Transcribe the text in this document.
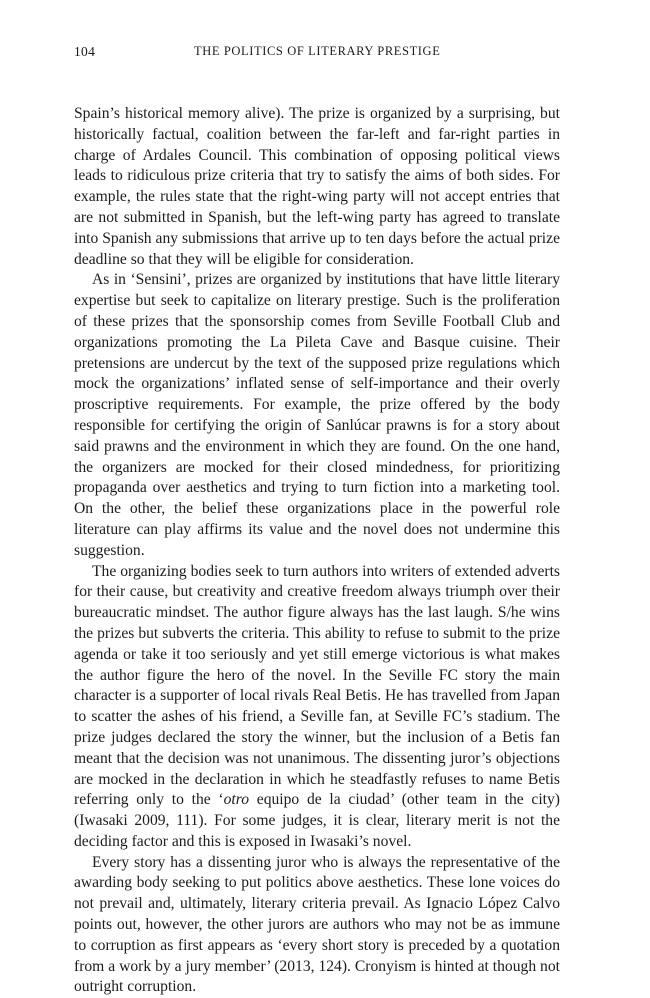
104	THE POLITICS OF LITERARY PRESTIGE

Spain’s historical memory alive). The prize is organized by a surprising, but historically factual, coalition between the far-left and far-right parties in charge of Ardales Council. This combination of opposing political views leads to ridiculous prize criteria that try to satisfy the aims of both sides. For example, the rules state that the right-wing party will not accept entries that are not submitted in Spanish, but the left-wing party has agreed to translate into Spanish any submissions that arrive up to ten days before the actual prize deadline so that they will be eligible for consideration.

As in ‘Sensini’, prizes are organized by institutions that have little literary expertise but seek to capitalize on literary prestige. Such is the proliferation of these prizes that the sponsorship comes from Seville Football Club and organizations promoting the La Pileta Cave and Basque cuisine. Their pretensions are undercut by the text of the supposed prize regulations which mock the organizations’ inflated sense of self-importance and their overly proscriptive requirements. For example, the prize offered by the body responsible for certifying the origin of Sanlúcar prawns is for a story about said prawns and the environment in which they are found. On the one hand, the organizers are mocked for their closed mindedness, for prioritizing propaganda over aesthetics and trying to turn fiction into a marketing tool. On the other, the belief these organizations place in the powerful role literature can play affirms its value and the novel does not undermine this suggestion.

The organizing bodies seek to turn authors into writers of extended adverts for their cause, but creativity and creative freedom always triumph over their bureaucratic mindset. The author figure always has the last laugh. S/he wins the prizes but subverts the criteria. This ability to refuse to submit to the prize agenda or take it too seriously and yet still emerge victorious is what makes the author figure the hero of the novel. In the Seville FC story the main character is a supporter of local rivals Real Betis. He has travelled from Japan to scatter the ashes of his friend, a Seville fan, at Seville FC’s stadium. The prize judges declared the story the winner, but the inclusion of a Betis fan meant that the decision was not unanimous. The dissenting juror’s objections are mocked in the declaration in which he steadfastly refuses to name Betis referring only to the ‘otro equipo de la ciudad’ (other team in the city) (Iwasaki 2009, 111). For some judges, it is clear, literary merit is not the deciding factor and this is exposed in Iwasaki’s novel.

Every story has a dissenting juror who is always the representative of the awarding body seeking to put politics above aesthetics. These lone voices do not prevail and, ultimately, literary criteria prevail. As Ignacio López Calvo points out, however, the other jurors are authors who may not be as immune to corruption as first appears as ‘every short story is preceded by a quotation from a work by a jury member’ (2013, 124). Cronyism is hinted at though not outright corruption.
